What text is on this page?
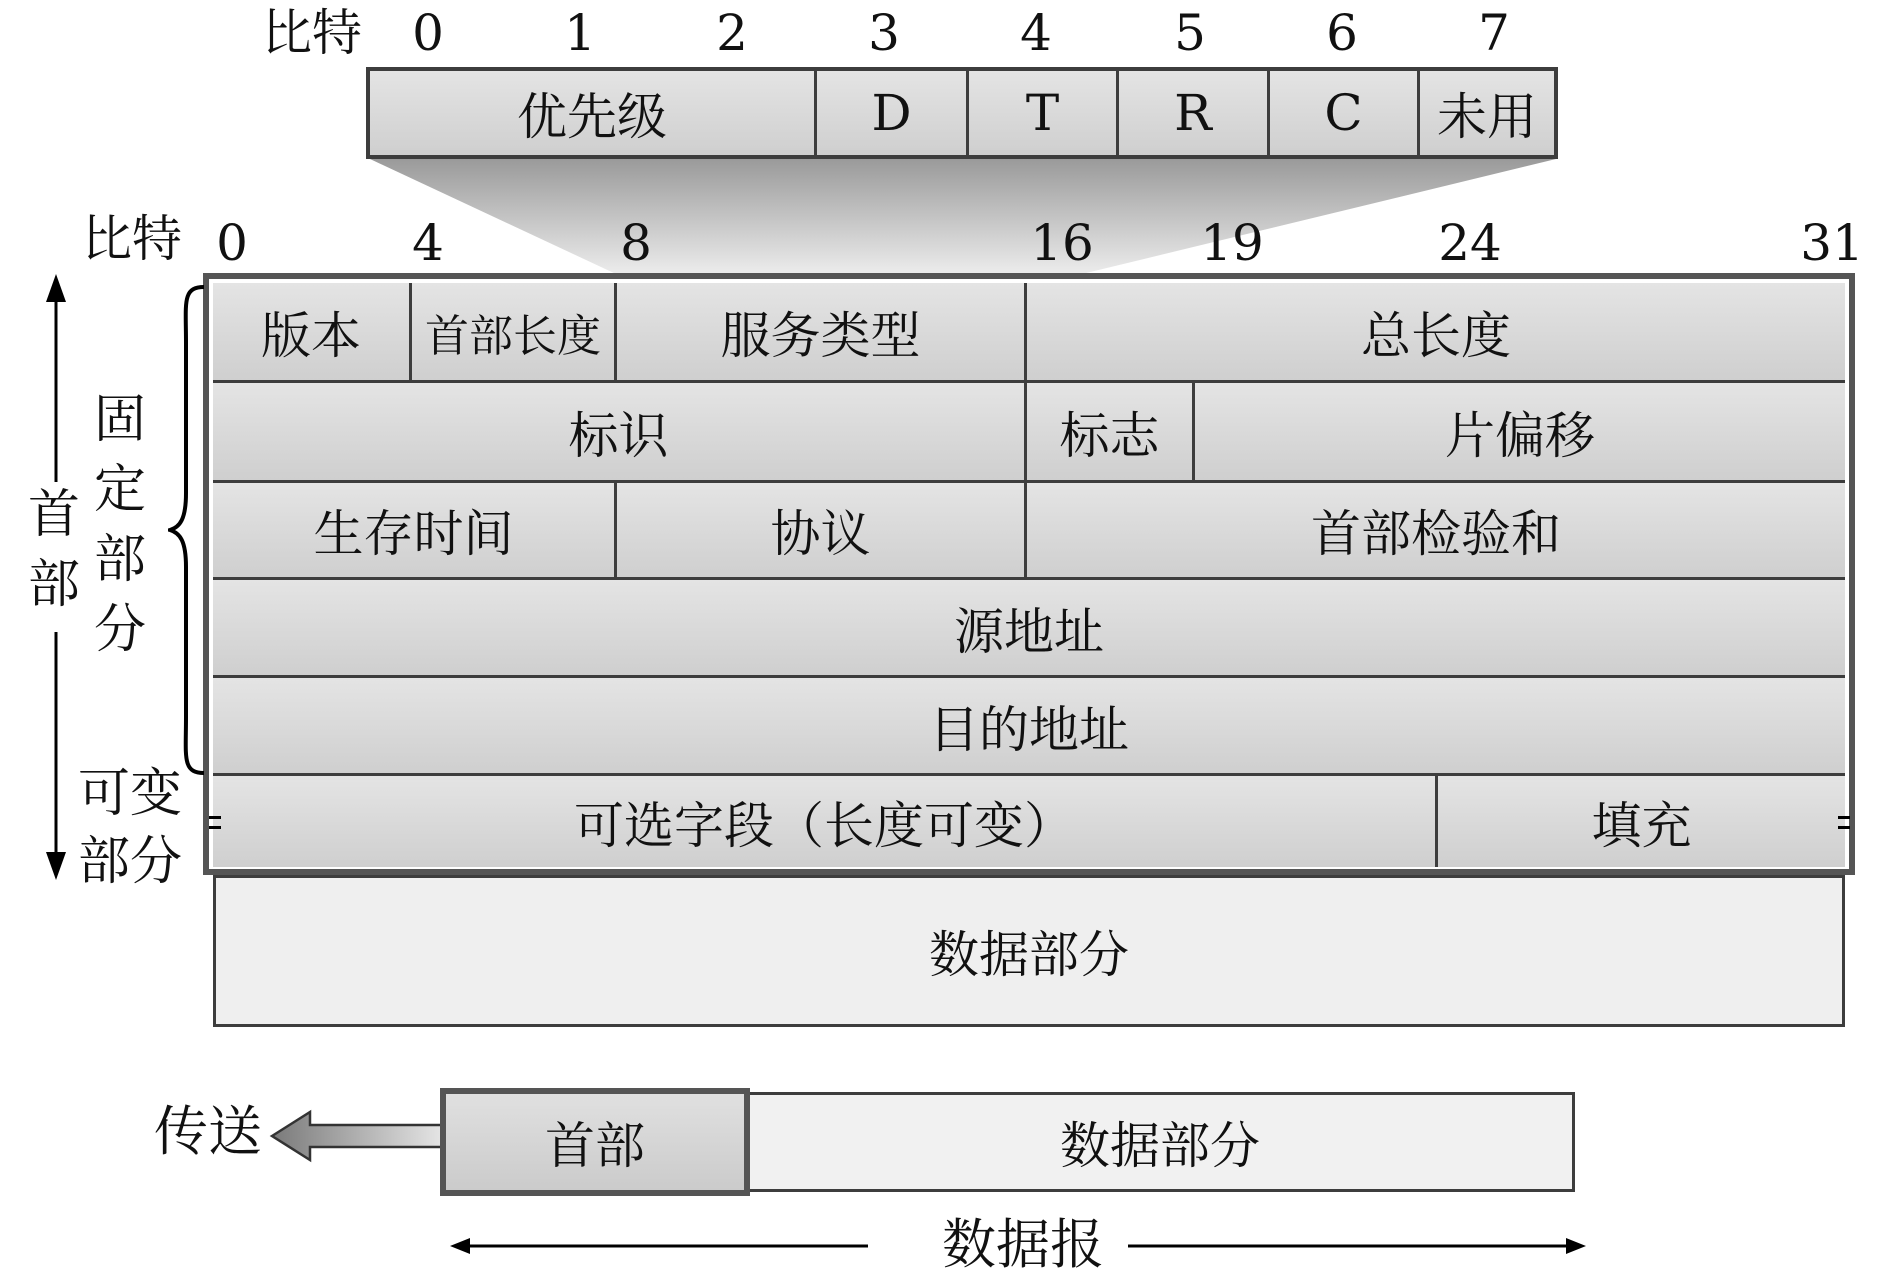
比特 0 1 2 3 4 5 6 7
优先级	D	T	R	C	未用
比特 0	4	8	16 19	24	31
版本	首部长度	服务类型	总长度
标识	标志	片偏移
生存时间	协议	首部检验和
源地址
目的地址
可选字段（长度可变）	填充
数据部分
首部
固定部分
可变
部分
传送	数据部分
首部
数据报
